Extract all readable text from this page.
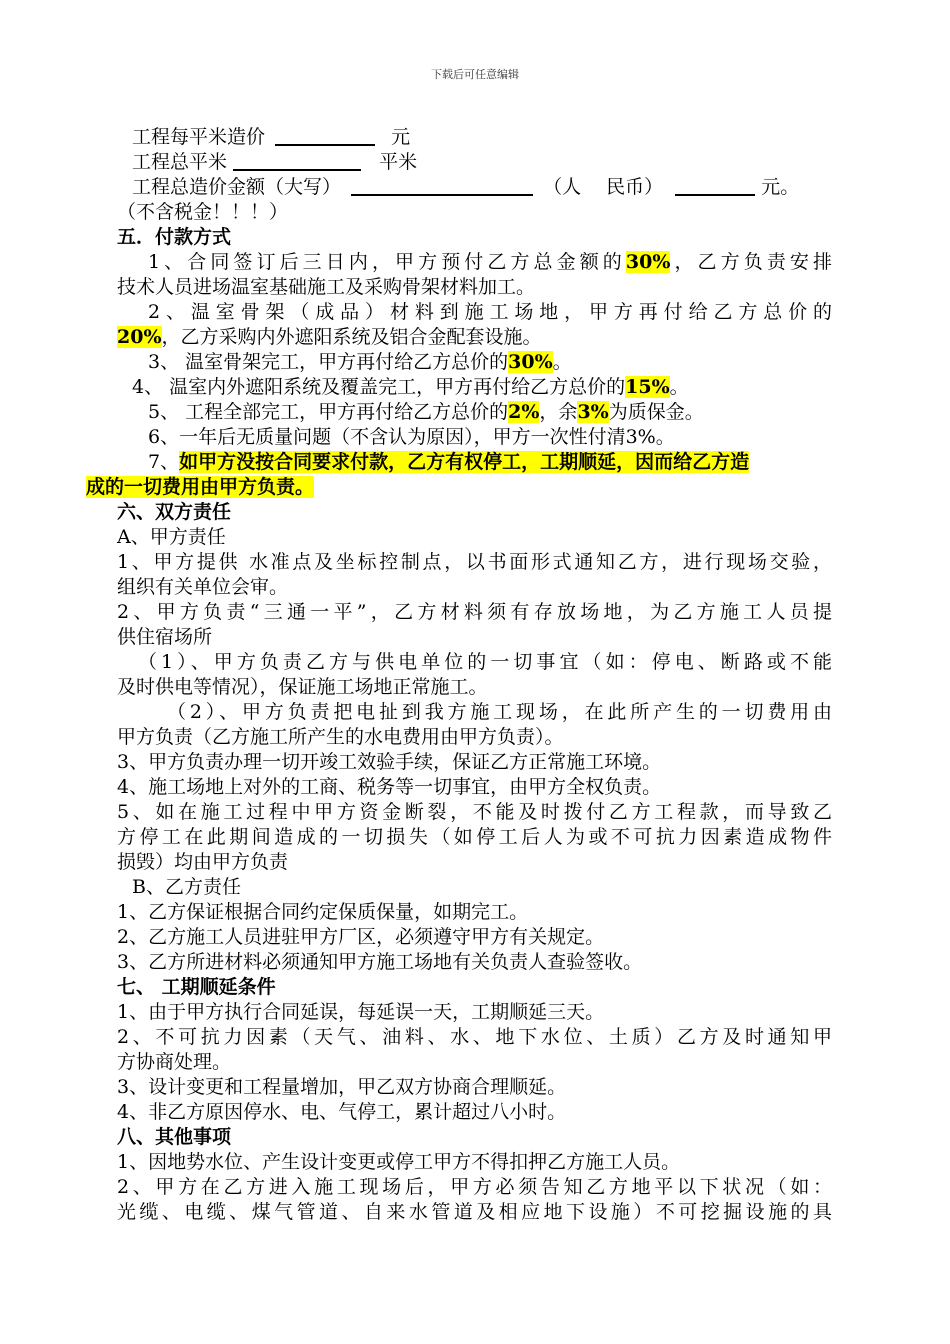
下载后可任意编辑
工程每平米造价	元
工程总平米	平米
工程总造价金额（大写）	（人　 民币）	元。
（不含税金！！！）
五．付款方式
1、合同签订后三日内，甲方预付乙方总金额的30%，乙方负责安排
技术人员进场温室基础施工及采购骨架材料加工。
2、温室骨架（成品）材料到施工场地，甲方再付给乙方总价的
20%，乙方采购内外遮阳系统及铝合金配套设施。
3、 温室骨架完工，甲方再付给乙方总价的30%。
4、 温室内外遮阳系统及覆盖完工，甲方再付给乙方总价的15%。
5、 工程全部完工，甲方再付给乙方总价的2%，余3%为质保金。
6、一年后无质量问题（不含认为原因），甲方一次性付清3%。
7、如甲方没按合同要求付款，乙方有权停工，工期顺延，因而给乙方造
成的一切费用由甲方负责。
六、双方责任
A、甲方责任
1、甲方提供 水准点及坐标控制点，以书面形式通知乙方，进行现场交验，
组织有关单位会审。
2、甲方负责“三通一平”，乙方材料须有存放场地，为乙方施工人员提
供住宿场所
（1）、甲方负责乙方与供电单位的一切事宜（如：停电、断路或不能
及时供电等情况），保证施工场地正常施工。
（2）、甲方负责把电扯到我方施工现场，在此所产生的一切费用由
甲方负责（乙方施工所产生的水电费用由甲方负责）。
3、甲方负责办理一切开竣工效验手续，保证乙方正常施工环境。
4、施工场地上对外的工商、税务等一切事宜，由甲方全权负责。
5、如在施工过程中甲方资金断裂，不能及时拨付乙方工程款，而导致乙
方停工在此期间造成的一切损失（如停工后人为或不可抗力因素造成物件
损毁）均由甲方负责
B、乙方责任
1、乙方保证根据合同约定保质保量，如期完工。
2、乙方施工人员进驻甲方厂区，必须遵守甲方有关规定。
3、乙方所进材料必须通知甲方施工场地有关负责人查验签收。
七、 工期顺延条件
1、由于甲方执行合同延误，每延误一天，工期顺延三天。
2、不可抗力因素（天气、油料、水、地下水位、土质）乙方及时通知甲
方协商处理。
3、设计变更和工程量增加，甲乙双方协商合理顺延。
4、非乙方原因停水、电、气停工，累计超过八小时。
八、其他事项
1、因地势水位、产生设计变更或停工甲方不得扣押乙方施工人员。
2、甲方在乙方进入施工现场后，甲方必须告知乙方地平以下状况（如：
光缆、电缆、煤气管道、自来水管道及相应地下设施）不可挖掘设施的具
